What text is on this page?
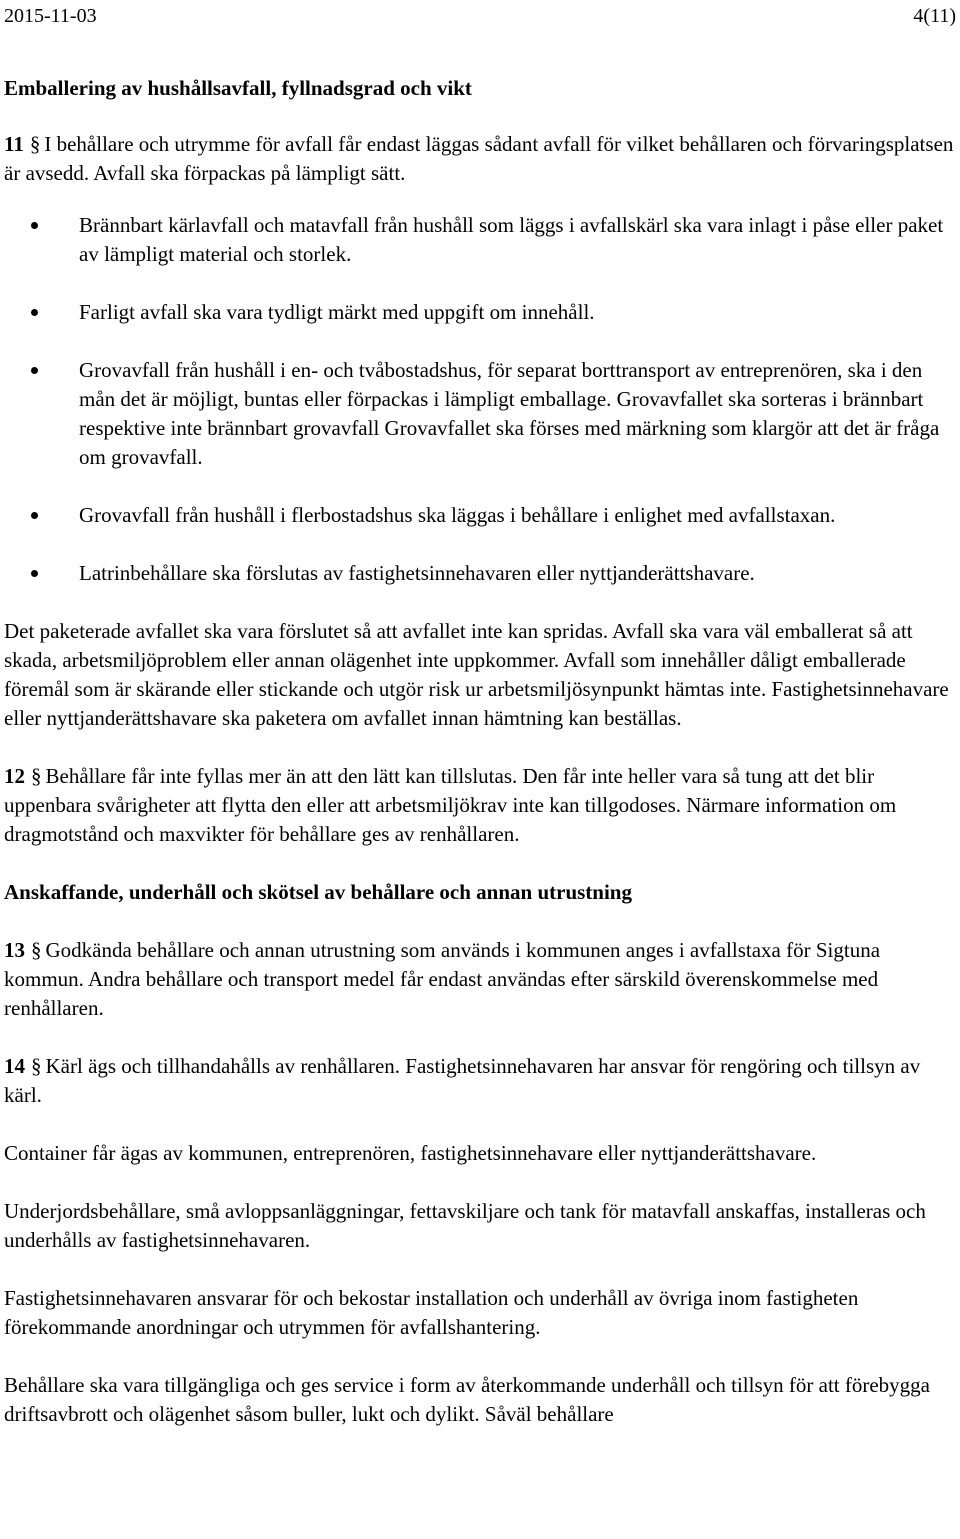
2015-11-03	4(11)
Emballering av hushållsavfall, fyllnadsgrad och vikt

11 § I behållare och utrymme för avfall får endast läggas sådant avfall för vilket behållaren och förvaringsplatsen är avsedd. Avfall ska förpackas på lämpligt sätt.

Brännbart kärlavfall och matavfall från hushåll som läggs i avfallskärl ska vara inlagt i påse eller paket av lämpligt material och storlek.
Farligt avfall ska vara tydligt märkt med uppgift om innehåll.
Grovavfall från hushåll i en- och tvåbostadshus, för separat borttransport av entreprenören, ska i den mån det är möjligt, buntas eller förpackas i lämpligt emballage. Grovavfallet ska sorteras i brännbart respektive inte brännbart grovavfall Grovavfallet ska förses med märkning som klargör att det är fråga om grovavfall.
Grovavfall från hushåll i flerbostadshus ska läggas i behållare i enlighet med avfallstaxan.
Latrinbehållare ska förslutas av fastighetsinnehavaren eller nyttjanderättshavare.

Det paketerade avfallet ska vara förslutet så att avfallet inte kan spridas. Avfall ska vara väl emballerat så att skada, arbetsmiljöproblem eller annan olägenhet inte uppkommer. Avfall som innehåller dåligt emballerade föremål som är skärande eller stickande och utgör risk ur arbetsmiljösynpunkt hämtas inte. Fastighetsinnehavare eller nyttjanderättshavare ska paketera om avfallet innan hämtning kan beställas.

12 § Behållare får inte fyllas mer än att den lätt kan tillslutas. Den får inte heller vara så tung att det blir uppenbara svårigheter att flytta den eller att arbetsmiljökrav inte kan tillgodoses. Närmare information om dragmotstånd och maxvikter för behållare ges av renhållaren.

Anskaffande, underhåll och skötsel av behållare och annan utrustning

13 § Godkända behållare och annan utrustning som används i kommunen anges i avfallstaxa för Sigtuna kommun. Andra behållare och transport medel får endast användas efter särskild överenskommelse med renhållaren.

14 § Kärl ägs och tillhandahålls av renhållaren. Fastighetsinnehavaren har ansvar för rengöring och tillsyn av kärl.

Container får ägas av kommunen, entreprenören, fastighetsinnehavare eller nyttjanderättshavare.

Underjordsbehållare, små avloppsanläggningar, fettavskiljare och tank för matavfall anskaffas, installeras och underhålls av fastighetsinnehavaren.

Fastighetsinnehavaren ansvarar för och bekostar installation och underhåll av övriga inom fastigheten förekommande anordningar och utrymmen för avfallshantering.

Behållare ska vara tillgängliga och ges service i form av återkommande underhåll och tillsyn för att förebygga driftsavbrott och olägenhet såsom buller, lukt och dylikt. Såväl behållare
